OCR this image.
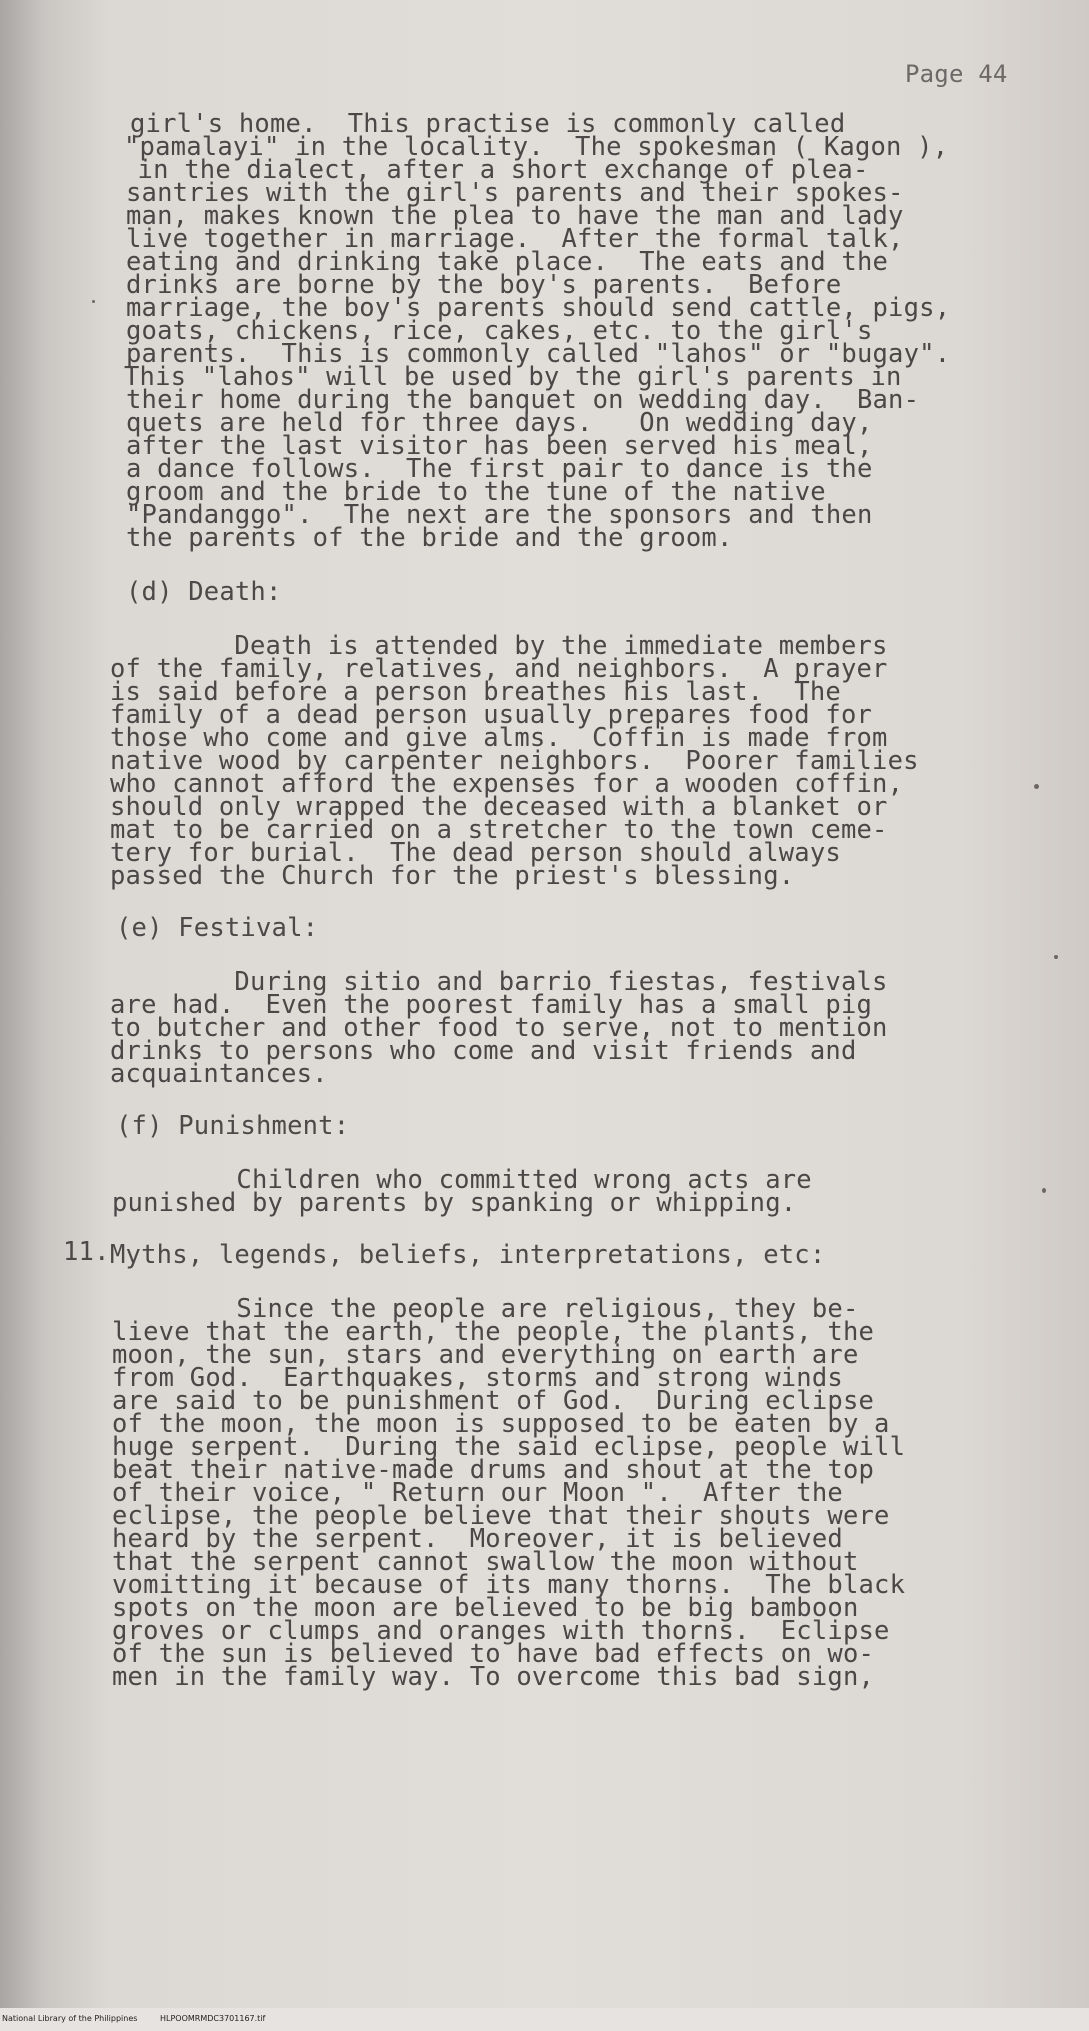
Page 44
girl's home.  This practise is commonly called
"pamalayi" in the locality.  The spokesman ( Kagon ),
in the dialect, after a short exchange of plea-
santries with the girl's parents and their spokes-
man, makes known the plea to have the man and lady
live together in marriage.  After the formal talk,
eating and drinking take place.  The eats and the
drinks are borne by the boy's parents.  Before
marriage, the boy's parents should send cattle, pigs,
goats, chickens, rice, cakes, etc. to the girl's
parents.  This is commonly called "lahos" or "bugay".
This "lahos" will be used by the girl's parents in
their home during the banquet on wedding day.  Ban-
quets are held for three days.   On wedding day,
after the last visitor has been served his meal,
a dance follows.  The first pair to dance is the
groom and the bride to the tune of the native
"Pandanggo".  The next are the sponsors and then
the parents of the bride and the groom.
(d) Death:
Death is attended by the immediate members
of the family, relatives, and neighbors.  A prayer
is said before a person breathes his last.  The
family of a dead person usually prepares food for
those who come and give alms.  Coffin is made from
native wood by carpenter neighbors.  Poorer families
who cannot afford the expenses for a wooden coffin,
should only wrapped the deceased with a blanket or
mat to be carried on a stretcher to the town ceme-
tery for burial.  The dead person should always
passed the Church for the priest's blessing.
(e) Festival:
During sitio and barrio fiestas, festivals
are had.  Even the poorest family has a small pig
to butcher and other food to serve, not to mention
drinks to persons who come and visit friends and
acquaintances.
(f) Punishment:
Children who committed wrong acts are
punished by parents by spanking or whipping.
11. Myths, legends, beliefs, interpretations, etc:
Since the people are religious, they be-
lieve that the earth, the people, the plants, the
moon, the sun, stars and everything on earth are
from God.  Earthquakes, storms and strong winds
are said to be punishment of God.  During eclipse
of the moon, the moon is supposed to be eaten by a
huge serpent.  During the said eclipse, people will
beat their native-made drums and shout at the top
of their voice, " Return our Moon ".  After the
eclipse, the people believe that their shouts were
heard by the serpent.  Moreover, it is believed
that the serpent cannot swallow the moon without
vomitting it because of its many thorns.  The black
spots on the moon are believed to be big bamboon
groves or clumps and oranges with thorns.  Eclipse
of the sun is believed to have bad effects on wo-
men in the family way. To overcome this bad sign,
National Library of the Philippines	HLPOOMRMDC3701167.tif
